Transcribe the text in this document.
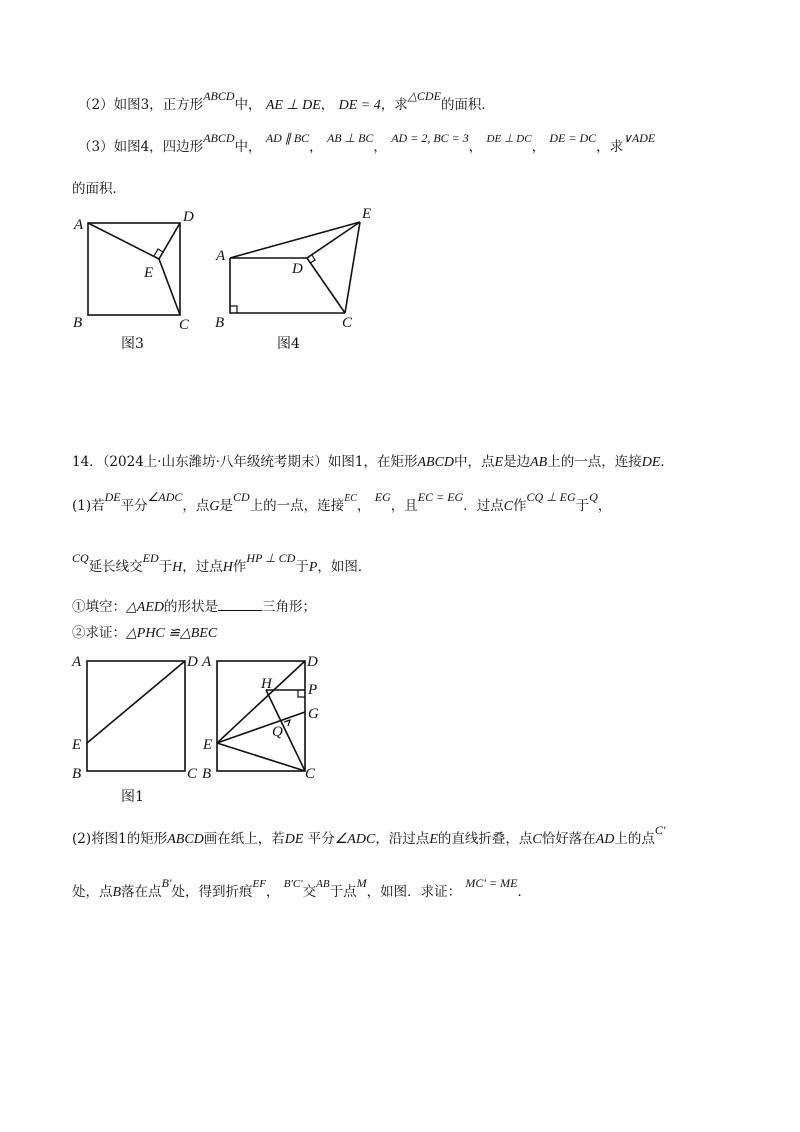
（2）如图3，正方形ABCD中， AE ⊥ DE， DE = 4，求△CDE的面积．
（3）如图4，四边形ABCD中， AD ∥ BC， AB ⊥ BC， AD = 2, BC = 3， $^{DE \perp DC}$， DE = DC，求∨ADE
的面积．
A	D
E
B	C
图3
A
D
E
B	C
图4
14．（2024上·山东潍坊·八年级统考期末）如图1，在矩形ABCD中，点E是边AB上的一点，连接DE．
(1)若DE平分∠ADC，点G是CD上的一点，连接$^{EC}$， EG，且EC = EG．过点C作CQ ⊥ EG于Q，
CQ延长线交ED于H，过点H作HP ⊥ CD于P，如图．
①填空：△AED的形状是	三角形；
②求证：△PHC ≌△BEC
A	D
E
B	C
图1
A	D
H P
G
Q
E
B	C
(2)将图1的矩形ABCD画在纸上，若DE 平分∠ADC，沿过点E的直线折叠，点C恰好落在AD上的点C′
处，点B落在点B′处，得到折痕$^{EF}$， $^{B'C'}$交$^{AB}$于点M，如图．求证： MC′ = ME．
